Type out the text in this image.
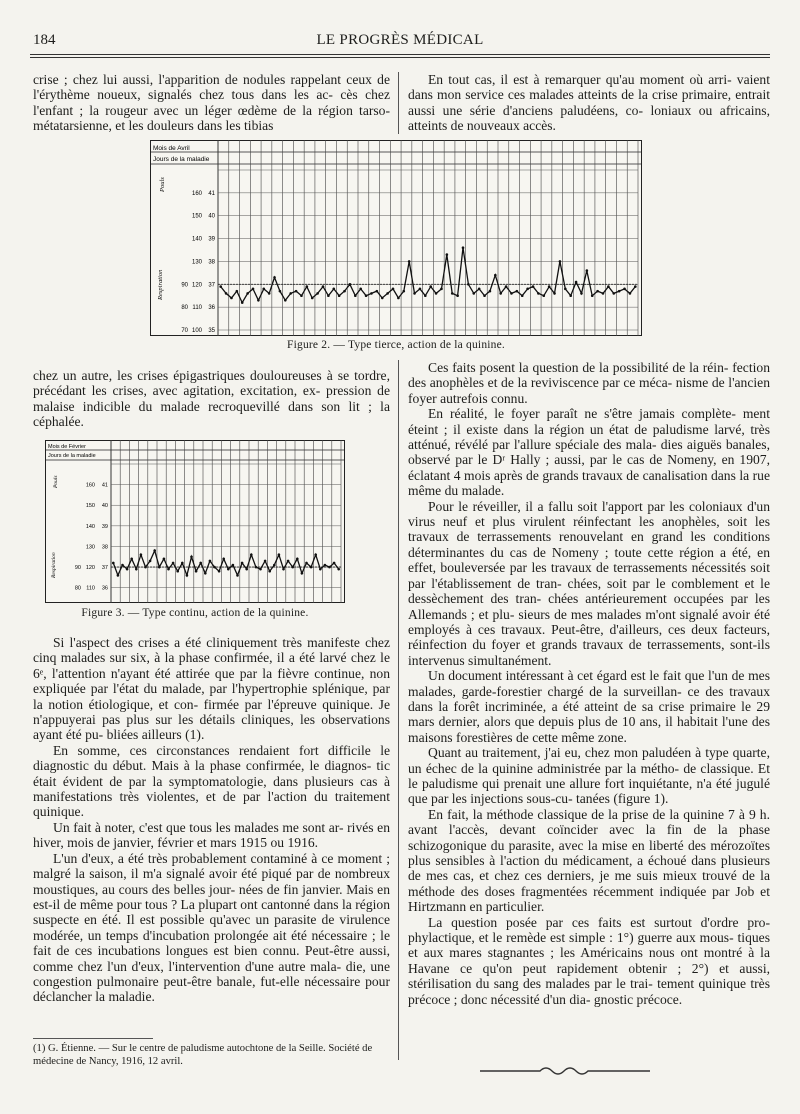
184	LE PROGRÈS MÉDICAL

crise ; chez lui aussi, l'apparition de nodules rappelant ceux de l'érythème noueux, signalés chez tous dans les ac- cès chez l'enfant ; la rougeur avec un léger œdème de la région tarso-métatarsienne, et les douleurs dans les tibias

En tout cas, il est à remarquer qu'au moment où arri- vaient dans mon service ces malades atteints de la crise primaire, entrait aussi une série d'anciens paludéens, co- loniaux ou africains, atteints de nouveaux accès.

Mois de Avril
Jours de la maladie
Pouls
Respiration
41
160
40
150
39
140
38
130
37
120
36
110
35
100
90
80
70
Figure 2. — Type tierce, action de la quinine.

chez un autre, les crises épigastriques douloureuses à se tordre, précédant les crises, avec agitation, excitation, ex- pression de malaise indicible du malade recroquevillé dans son lit ; la céphalée.

Mois de Février
Jours de la maladie
Pouls
Respiration
41
160
40
150
39
140
38
130
37
120
36
110
90
80
Figure 3. — Type continu, action de la quinine.

Si l'aspect des crises a été cliniquement très manifeste chez cinq malades sur six, à la phase confirmée, il a été larvé chez le 6ᵉ, l'attention n'ayant été attirée que par la fièvre continue, non expliquée par l'état du malade, par l'hypertrophie splénique, par la notion étiologique, et con- firmée par l'épreuve quinique. Je n'appuyerai pas plus sur les détails cliniques, les observations ayant été pu- bliées ailleurs (1).

En somme, ces circonstances rendaient fort difficile le diagnostic du début. Mais à la phase confirmée, le diagnos- tic était évident de par la symptomatologie, dans plusieurs cas à manifestations très violentes, et de par l'action du traitement quinique.

Un fait à noter, c'est que tous les malades me sont ar- rivés en hiver, mois de janvier, février et mars 1915 ou 1916.

L'un d'eux, a été très probablement contaminé à ce moment ; malgré la saison, il m'a signalé avoir été piqué par de nombreux moustiques, au cours des belles jour- nées de fin janvier. Mais en est-il de même pour tous ? La plupart ont cantonné dans la région suspecte en été. Il est possible qu'avec un parasite de virulence modérée, un temps d'incubation prolongée ait été nécessaire ; le fait de ces incubations longues est bien connu. Peut-être aussi, comme chez l'un d'eux, l'intervention d'une autre mala- die, une congestion pulmonaire peut-être banale, fut-elle nécessaire pour déclancher la maladie.

Ces faits posent la question de la possibilité de la réin- fection des anophèles et de la reviviscence par ce méca- nisme de l'ancien foyer autrefois connu.

En réalité, le foyer paraît ne s'être jamais complète- ment éteint ; il existe dans la région un état de paludisme larvé, très atténué, révélé par l'allure spéciale des mala- dies aiguës banales, observé par le Dʳ Hally ; aussi, par le cas de Nomeny, en 1907, éclatant 4 mois après de grands travaux de canalisation dans la rue même du malade.

Pour le réveiller, il a fallu soit l'apport par les coloniaux d'un virus neuf et plus virulent réinfectant les anophèles, soit les travaux de terrassements renouvelant en grand les conditions déterminantes du cas de Nomeny ; toute cette région a été, en effet, bouleversée par les travaux de terrassements nécessités soit par l'établissement de tran- chées, soit par le comblement et le dessèchement des tran- chées antérieurement occupées par les Allemands ; et plu- sieurs de mes malades m'ont signalé avoir été employés à ces travaux. Peut-être, d'ailleurs, ces deux facteurs, réinfection du foyer et grands travaux de terrassements, sont-ils intervenus simultanément.

Un document intéressant à cet égard est le fait que l'un de mes malades, garde-forestier chargé de la surveillan- ce des travaux dans la forêt incriminée, a été atteint de sa crise primaire le 29 mars dernier, alors que depuis plus de 10 ans, il habitait l'une des maisons forestières de cette même zone.

Quant au traitement, j'ai eu, chez mon paludéen à type quarte, un échec de la quinine administrée par la métho- de classique. Et le paludisme qui prenait une allure fort inquiétante, n'a été jugulé que par les injections sous-cu- tanées (figure 1).

En fait, la méthode classique de la prise de la quinine 7 à 9 h. avant l'accès, devant coïncider avec la fin de la phase schizogonique du parasite, avec la mise en liberté des mérozoïtes plus sensibles à l'action du médicament, a échoué dans plusieurs de mes cas, et chez ces derniers, je me suis mieux trouvé de la méthode des doses fragmentées récemment indiquée par Job et Hirtzmann en particulier.

La question posée par ces faits est surtout d'ordre pro- phylactique, et le remède est simple : 1°) guerre aux mous- tiques et aux mares stagnantes ; les Américains nous ont montré à la Havane ce qu'on peut rapidement obtenir ; 2°) et aussi, stérilisation du sang des malades par le trai- tement quinique très précoce ; donc nécessité d'un dia- gnostic précoce.

(1) G. Étienne. — Sur le centre de paludisme autochtone de la Seille. Société de médecine de Nancy, 1916, 12 avril.
